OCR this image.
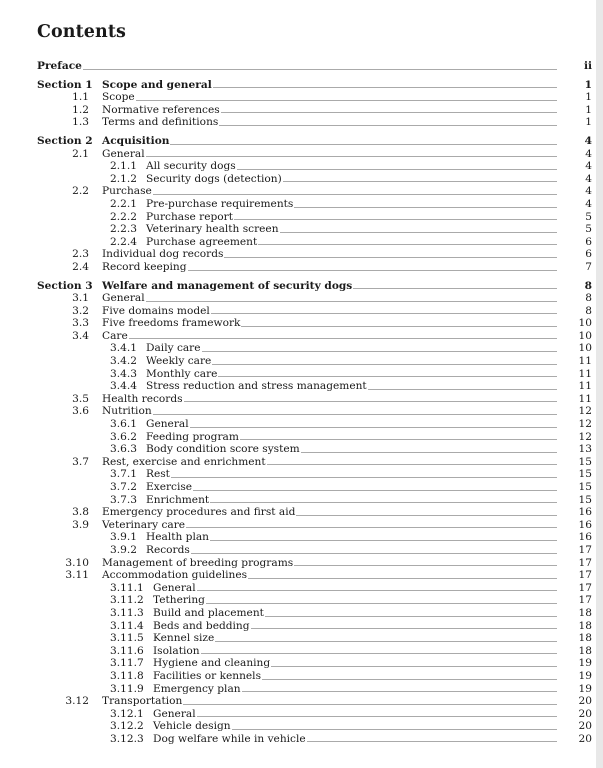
Contents
Preface	ii
Section 1 Scope and general	1
1.1 Scope	1
1.2 Normative references	1
1.3 Terms and definitions	1
Section 2 Acquisition	4
2.1 General	4
2.1.1 All security dogs	4
2.1.2 Security dogs (detection)	4
2.2 Purchase	4
2.2.1 Pre-purchase requirements	4
2.2.2 Purchase report	5
2.2.3 Veterinary health screen	5
2.2.4 Purchase agreement	6
2.3 Individual dog records	6
2.4 Record keeping	7
Section 3 Welfare and management of security dogs	8
3.1 General	8
3.2 Five domains model	8
3.3 Five freedoms framework	10
3.4 Care	10
3.4.1 Daily care	10
3.4.2 Weekly care	11
3.4.3 Monthly care	11
3.4.4 Stress reduction and stress management	11
3.5 Health records	11
3.6 Nutrition	12
3.6.1 General	12
3.6.2 Feeding program	12
3.6.3 Body condition score system	13
3.7 Rest, exercise and enrichment	15
3.7.1 Rest	15
3.7.2 Exercise	15
3.7.3 Enrichment	15
3.8 Emergency procedures and first aid	16
3.9 Veterinary care	16
3.9.1 Health plan	16
3.9.2 Records	17
3.10 Management of breeding programs	17
3.11 Accommodation guidelines	17
3.11.1 General	17
3.11.2 Tethering	17
3.11.3 Build and placement	18
3.11.4 Beds and bedding	18
3.11.5 Kennel size	18
3.11.6 Isolation	18
3.11.7 Hygiene and cleaning	19
3.11.8 Facilities or kennels	19
3.11.9 Emergency plan	19
3.12 Transportation	20
3.12.1 General	20
3.12.2 Vehicle design	20
3.12.3 Dog welfare while in vehicle	20
